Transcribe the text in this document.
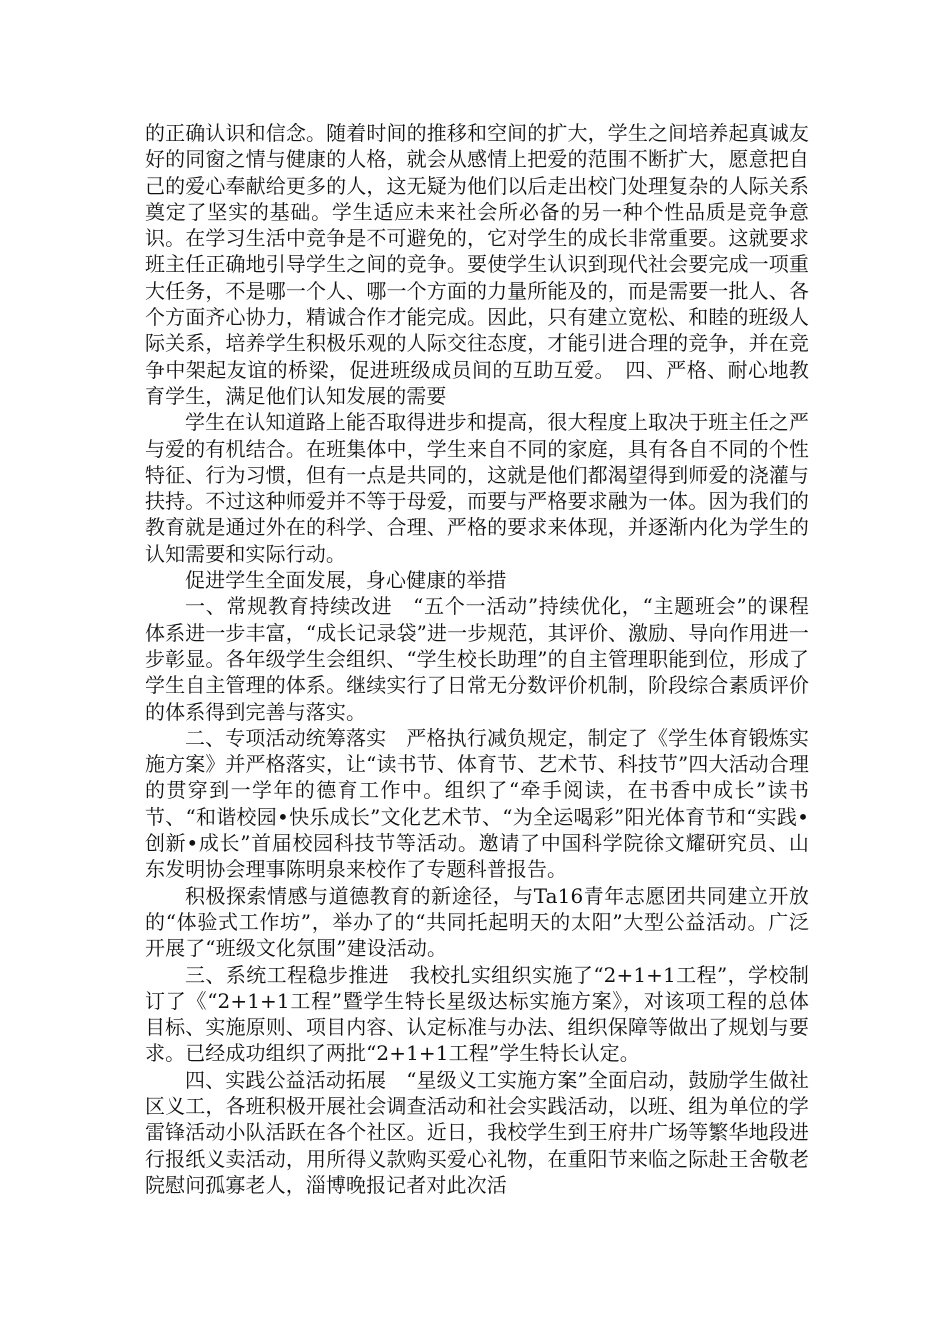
的正确认识和信念。随着时间的推移和空间的扩大，学生之间培养起真诚友好的同窗之情与健康的人格，就会从感情上把爱的范围不断扩大，愿意把自己的爱心奉献给更多的人，这无疑为他们以后走出校门处理复杂的人际关系奠定了坚实的基础。学生适应未来社会所必备的另一种个性品质是竞争意识。在学习生活中竞争是不可避免的，它对学生的成长非常重要。这就要求班主任正确地引导学生之间的竞争。要使学生认识到现代社会要完成一项重大任务，不是哪一个人、哪一个方面的力量所能及的，而是需要一批人、各个方面齐心协力，精诚合作才能完成。因此，只有建立宽松、和睦的班级人际关系，培养学生积极乐观的人际交往态度，才能引进合理的竞争，并在竞争中架起友谊的桥梁，促进班级成员间的互助互爱。　四、严格、耐心地教育学生，满足他们认知发展的需要

学生在认知道路上能否取得进步和提高，很大程度上取决于班主任之严与爱的有机结合。在班集体中，学生来自不同的家庭，具有各自不同的个性特征、行为习惯，但有一点是共同的，这就是他们都渴望得到师爱的浇灌与扶持。不过这种师爱并不等于母爱，而要与严格要求融为一体。因为我们的教育就是通过外在的科学、合理、严格的要求来体现，并逐渐内化为学生的认知需要和实际行动。

促进学生全面发展，身心健康的举措

一、常规教育持续改进　“五个一活动”持续优化，“主题班会”的课程体系进一步丰富，“成长记录袋”进一步规范，其评价、激励、导向作用进一步彰显。各年级学生会组织、“学生校长助理”的自主管理职能到位，形成了学生自主管理的体系。继续实行了日常无分数评价机制，阶段综合素质评价的体系得到完善与落实。

二、专项活动统筹落实　严格执行减负规定，制定了《学生体育锻炼实施方案》并严格落实，让“读书节、体育节、艺术节、科技节”四大活动合理的贯穿到一学年的德育工作中。组织了“牵手阅读，在书香中成长”读书节、“和谐校园•快乐成长”文化艺术节、“为全运喝彩”阳光体育节和“实践•创新•成长”首届校园科技节等活动。邀请了中国科学院徐文耀研究员、山东发明协会理事陈明泉来校作了专题科普报告。

积极探索情感与道德教育的新途径，与Ta16青年志愿团共同建立开放的“体验式工作坊”，举办了的“共同托起明天的太阳”大型公益活动。广泛开展了“班级文化氛围”建设活动。

三、系统工程稳步推进　我校扎实组织实施了“2+1+1工程”，学校制订了《“2+1+1工程”暨学生特长星级达标实施方案》，对该项工程的总体目标、实施原则、项目内容、认定标准与办法、组织保障等做出了规划与要求。已经成功组织了两批“2+1+1工程”学生特长认定。

四、实践公益活动拓展　“星级义工实施方案”全面启动，鼓励学生做社区义工，各班积极开展社会调查活动和社会实践活动，以班、组为单位的学雷锋活动小队活跃在各个社区。近日，我校学生到王府井广场等繁华地段进行报纸义卖活动，用所得义款购买爱心礼物，在重阳节来临之际赴王舍敬老院慰问孤寡老人，淄博晚报记者对此次活
